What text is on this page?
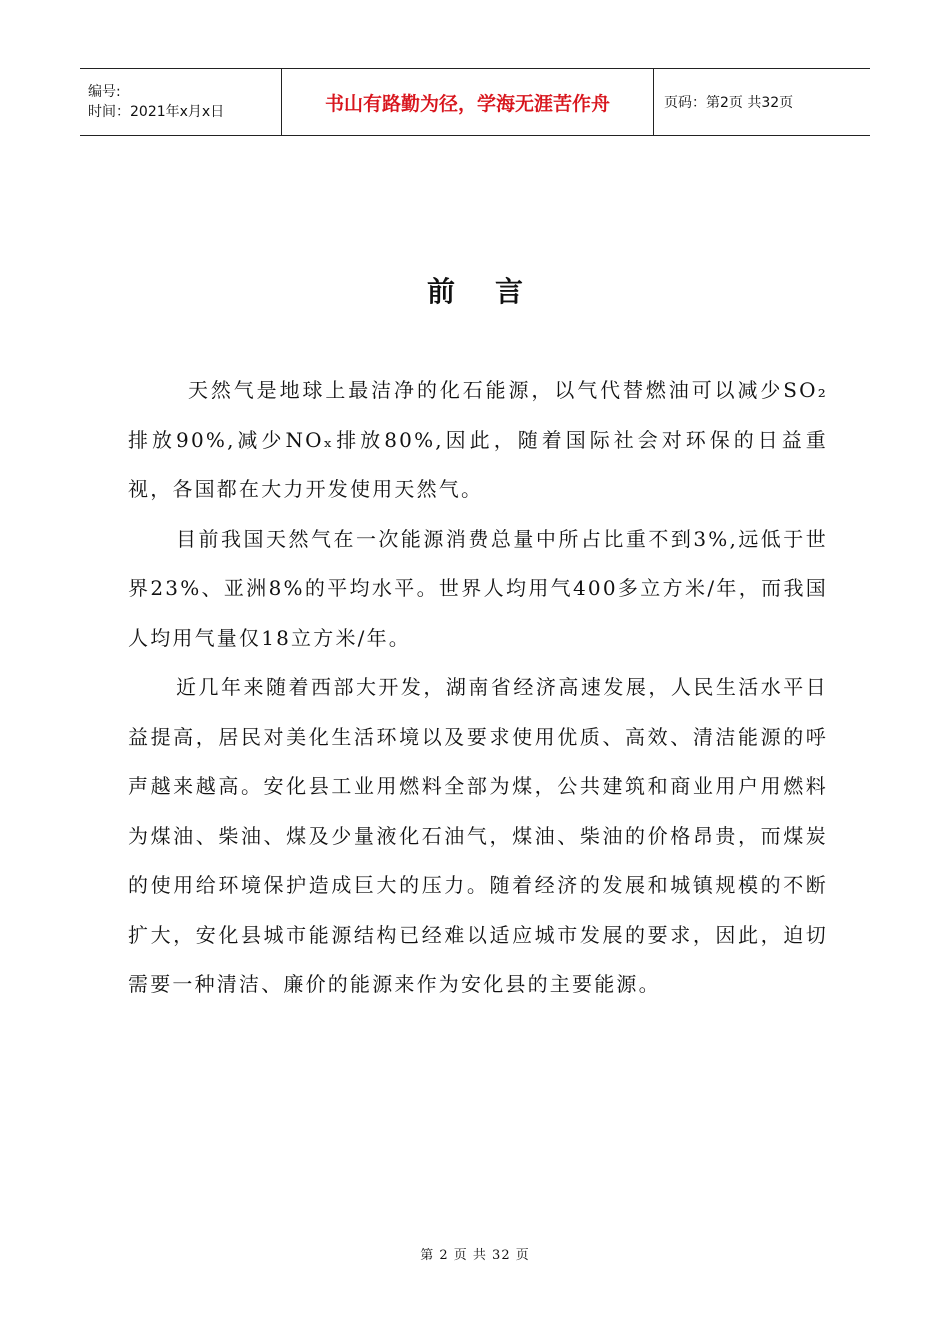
编号:
时间：2021年x月x日	书山有路勤为径，学海无涯苦作舟	页码：第2页 共32页
前言

天然气是地球上最洁净的化石能源，以气代替燃油可以减少SO₂排放90%,减少NOₓ排放80%,因此，随着国际社会对环保的日益重视，各国都在大力开发使用天然气。

目前我国天然气在一次能源消费总量中所占比重不到3%,远低于世界23%、亚洲8%的平均水平。世界人均用气400多立方米/年，而我国人均用气量仅18立方米/年。

近几年来随着西部大开发，湖南省经济高速发展，人民生活水平日益提高，居民对美化生活环境以及要求使用优质、高效、清洁能源的呼声越来越高。安化县工业用燃料全部为煤，公共建筑和商业用户用燃料为煤油、柴油、煤及少量液化石油气，煤油、柴油的价格昂贵，而煤炭的使用给环境保护造成巨大的压力。随着经济的发展和城镇规模的不断扩大，安化县城市能源结构已经难以适应城市发展的要求，因此，迫切需要一种清洁、廉价的能源来作为安化县的主要能源。

第 2 页 共 32 页
